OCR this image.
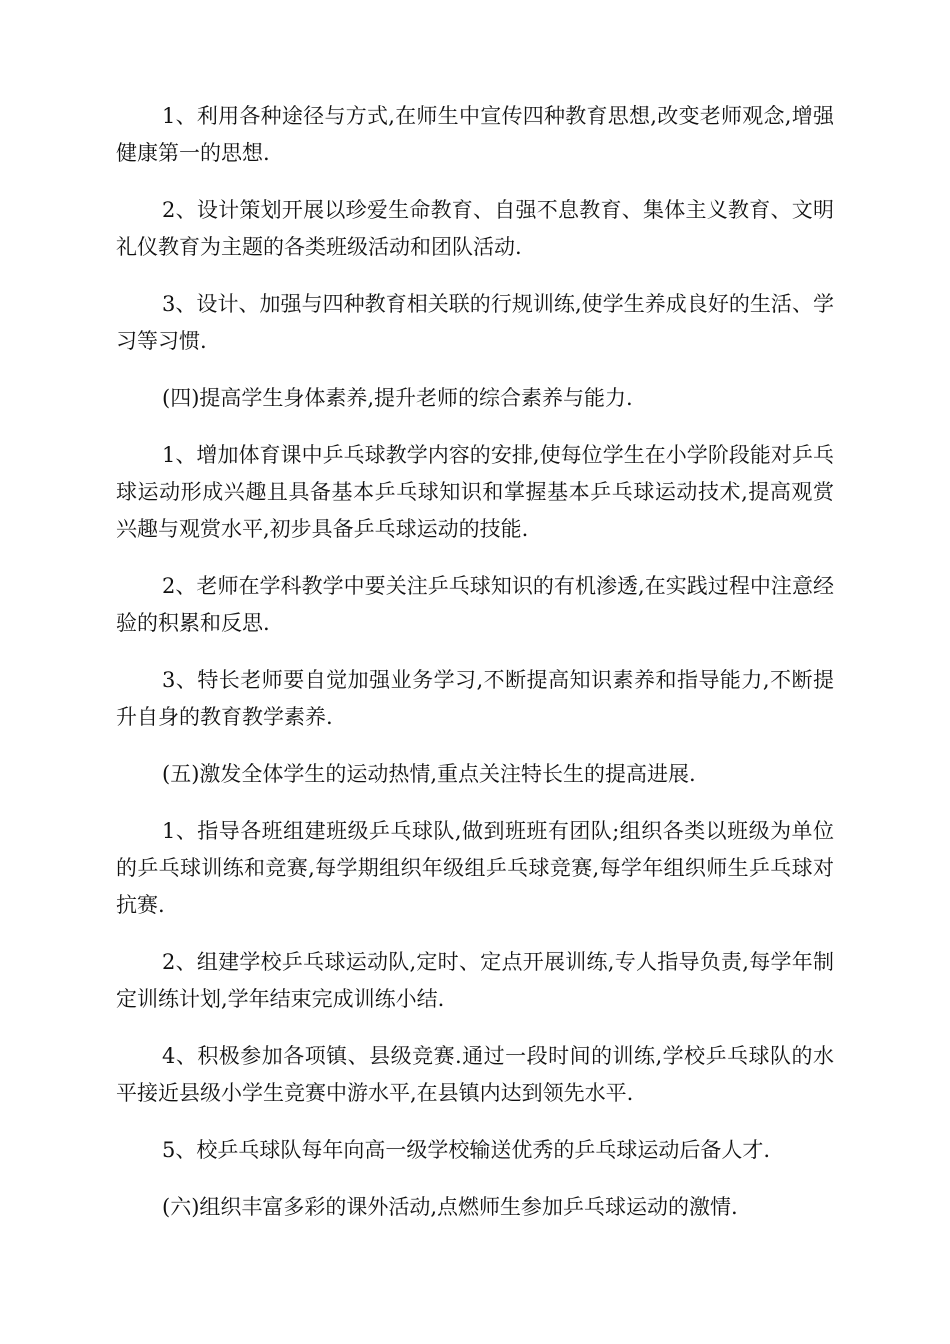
1、利用各种途径与方式,在师生中宣传四种教育思想,改变老师观念,增强健康第一的思想.

2、设计策划开展以珍爱生命教育、自强不息教育、集体主义教育、文明礼仪教育为主题的各类班级活动和团队活动.

3、设计、加强与四种教育相关联的行规训练,使学生养成良好的生活、学习等习惯.

(四)提高学生身体素养,提升老师的综合素养与能力.

1、增加体育课中乒乓球教学内容的安排,使每位学生在小学阶段能对乒乓球运动形成兴趣且具备基本乒乓球知识和掌握基本乒乓球运动技术,提高观赏兴趣与观赏水平,初步具备乒乓球运动的技能.

2、老师在学科教学中要关注乒乓球知识的有机渗透,在实践过程中注意经验的积累和反思.

3、特长老师要自觉加强业务学习,不断提高知识素养和指导能力,不断提升自身的教育教学素养.

(五)激发全体学生的运动热情,重点关注特长生的提高进展.

1、指导各班组建班级乒乓球队,做到班班有团队;组织各类以班级为单位的乒乓球训练和竞赛,每学期组织年级组乒乓球竞赛,每学年组织师生乒乓球对抗赛.

2、组建学校乒乓球运动队,定时、定点开展训练,专人指导负责,每学年制定训练计划,学年结束完成训练小结.

4、积极参加各项镇、县级竞赛.通过一段时间的训练,学校乒乓球队的水平接近县级小学生竞赛中游水平,在县镇内达到领先水平.

5、校乒乓球队每年向高一级学校输送优秀的乒乓球运动后备人才.

(六)组织丰富多彩的课外活动,点燃师生参加乒乓球运动的激情.
